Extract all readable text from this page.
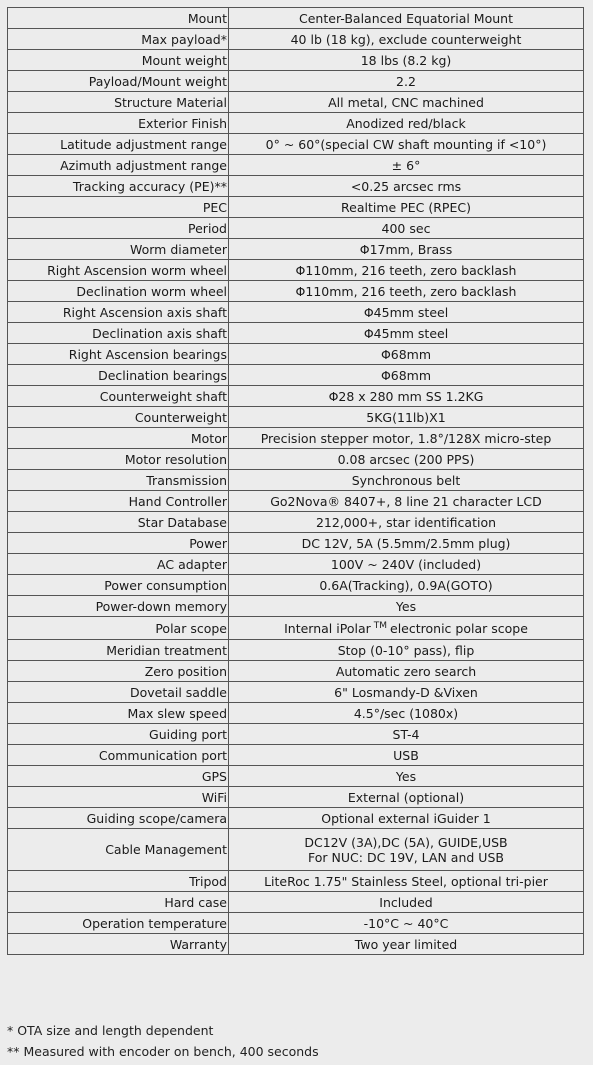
Mount	Center-Balanced Equatorial Mount
Max payload*	40 lb (18 kg), exclude counterweight
Mount weight	18 lbs (8.2 kg)
Payload/Mount weight	2.2
Structure Material	All metal, CNC machined
Exterior Finish	Anodized red/black
Latitude adjustment range	0° ~ 60°(special CW shaft mounting if <10°)
Azimuth adjustment range	± 6°
Tracking accuracy (PE)**	<0.25 arcsec rms
PEC	Realtime PEC (RPEC)
Period	400 sec
Worm diameter	Φ17mm, Brass
Right Ascension worm wheel	Φ110mm, 216 teeth, zero backlash
Declination worm wheel	Φ110mm, 216 teeth, zero backlash
Right Ascension axis shaft	Φ45mm steel
Declination axis shaft	Φ45mm steel
Right Ascension bearings	Φ68mm
Declination bearings	Φ68mm
Counterweight shaft	Φ28 x 280 mm SS 1.2KG
Counterweight	5KG(11lb)X1
Motor	Precision stepper motor, 1.8°/128X micro-step
Motor resolution	0.08 arcsec (200 PPS)
Transmission	Synchronous belt
Hand Controller	Go2Nova® 8407+, 8 line 21 character LCD
Star Database	212,000+, star identification
Power	DC 12V, 5A (5.5mm/2.5mm plug)
AC adapter	100V ~ 240V (included)
Power consumption	0.6A(Tracking), 0.9A(GOTO)
Power-down memory	Yes
Polar scope	Internal iPolar ™ electronic polar scope
Meridian treatment	Stop (0-10° pass), flip
Zero position	Automatic zero search
Dovetail saddle	6" Losmandy-D &Vixen
Max slew speed	4.5°/sec (1080x)
Guiding port	ST-4
Communication port	USB
GPS	Yes
WiFi	External (optional)
Guiding scope/camera	Optional external iGuider 1
Cable Management	DC12V (3A),DC (5A), GUIDE,USB
For NUC: DC 19V, LAN and USB

Tripod	LiteRoc 1.75" Stainless Steel, optional tri-pier
Hard case	Included
Operation temperature	-10°C ~ 40°C
Warranty	Two year limited
* OTA size and length dependent
** Measured with encoder on bench, 400 seconds
